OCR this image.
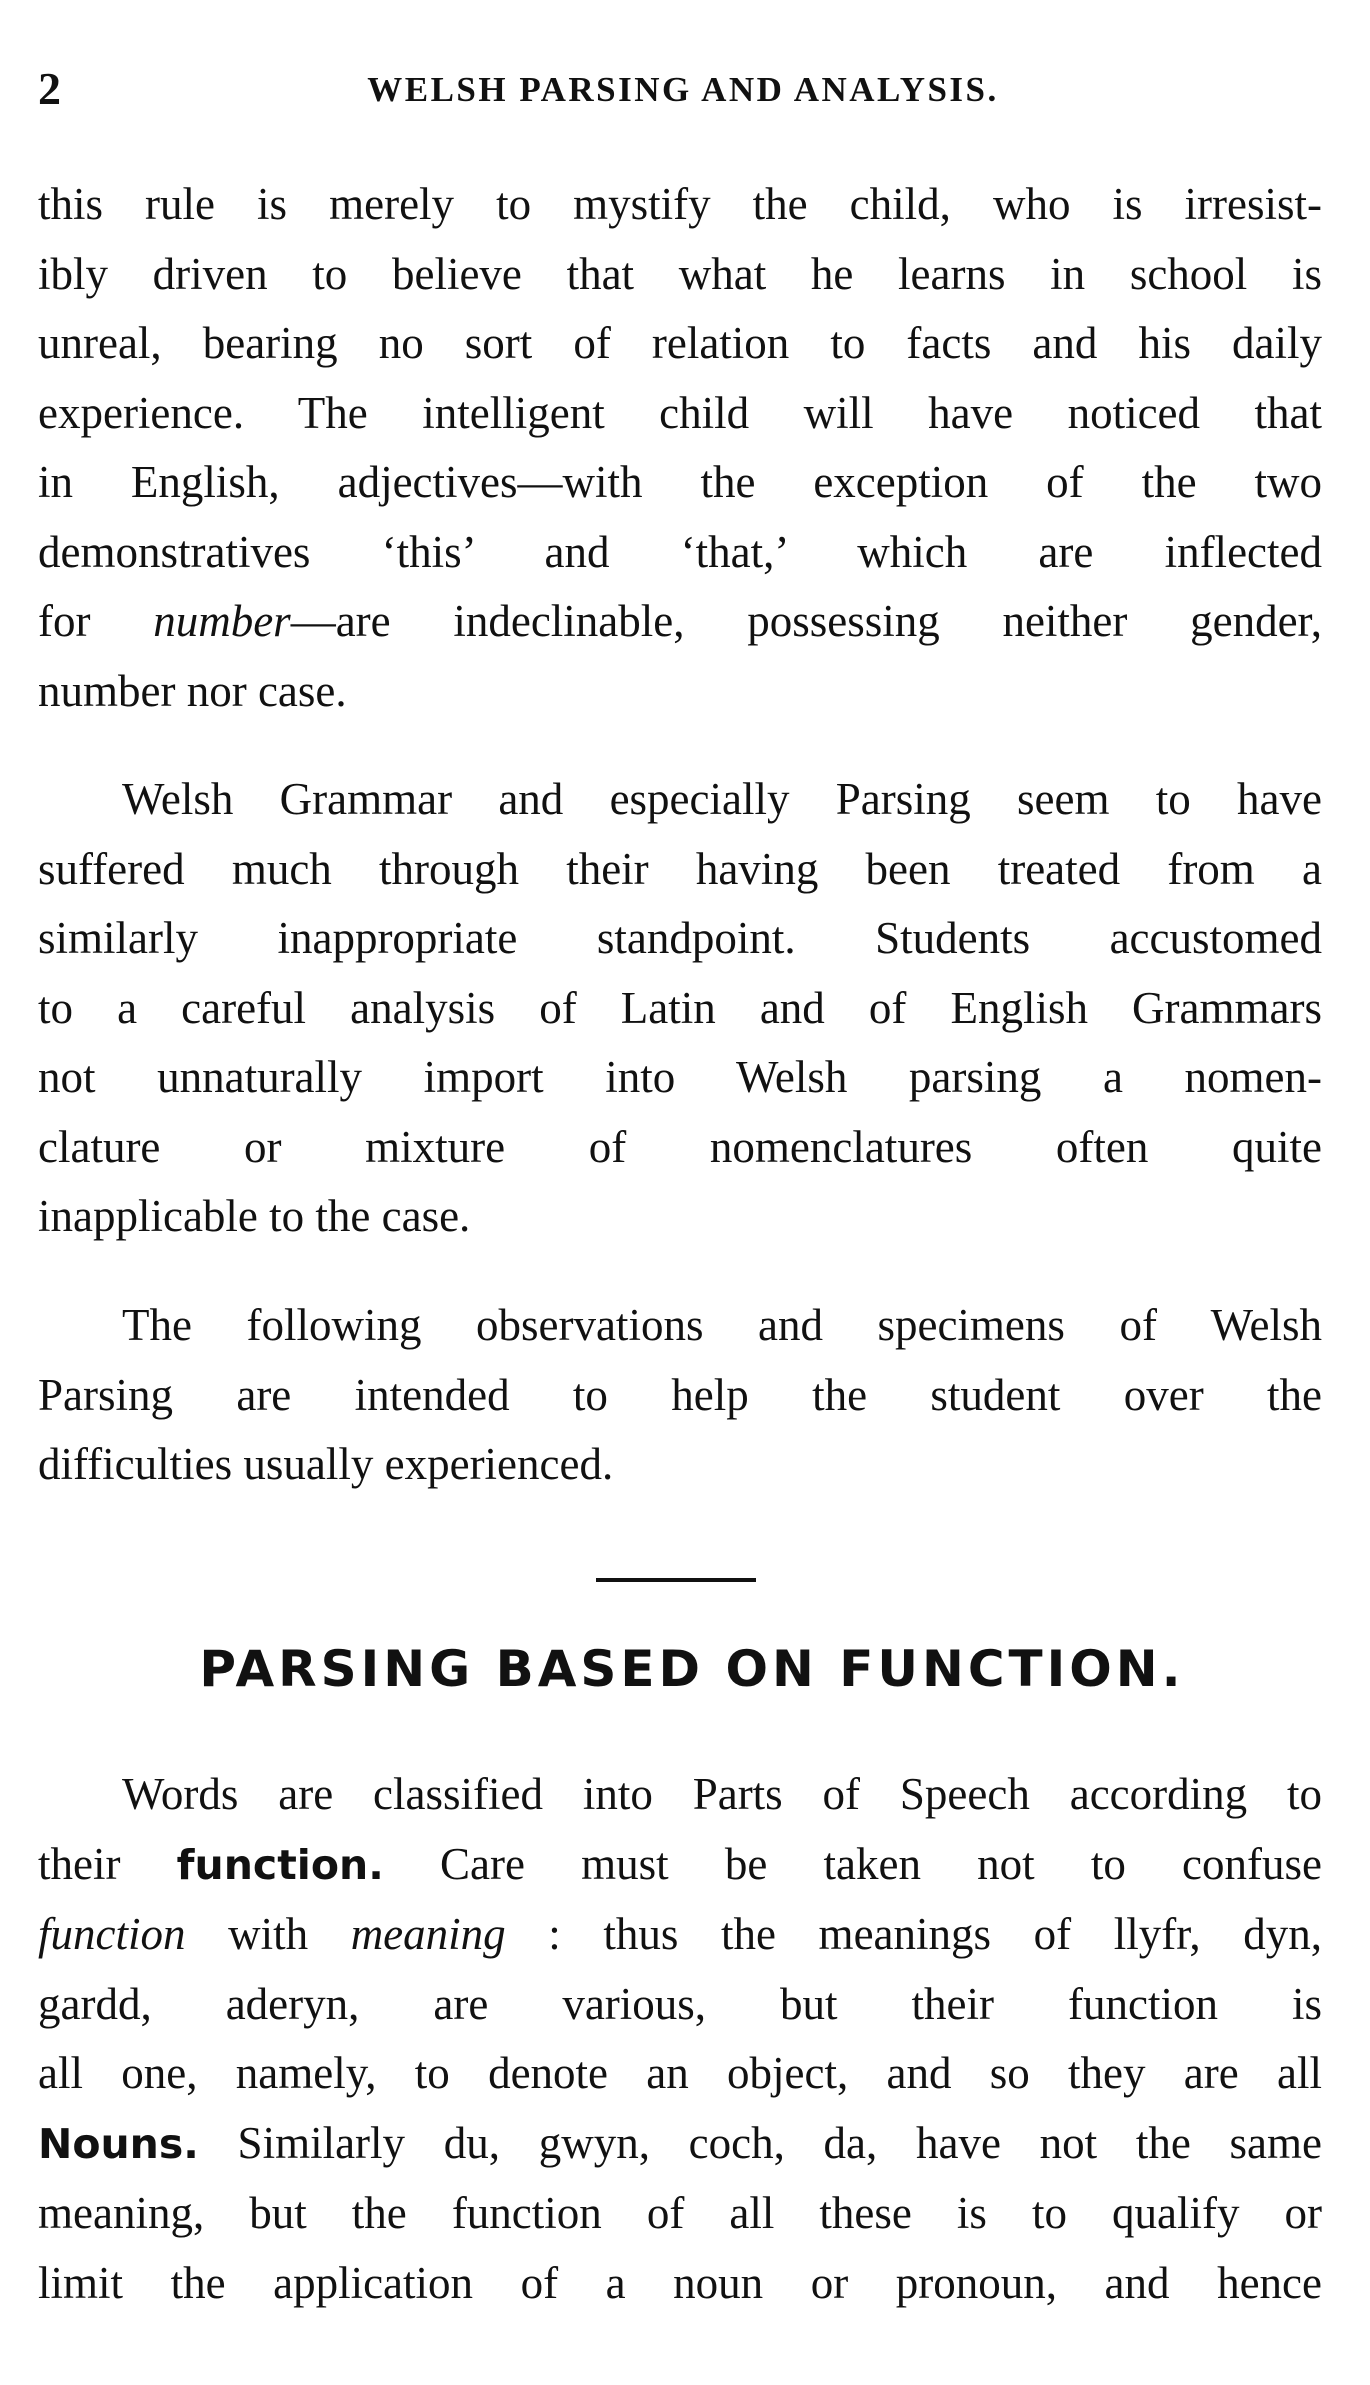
2	WELSH PARSING AND ANALYSIS.

this rule is merely to mystify the child, who is irresist-
ibly driven to believe that what he learns in school is
unreal, bearing no sort of relation to facts and his daily
experience. The intelligent child will have noticed that
in English, adjectives—with the exception of the two
demonstratives ‘this’ and ‘that,’ which are inflected
for number—are indeclinable, possessing neither gender,
number nor case.

Welsh Grammar and especially Parsing seem to have
suffered much through their having been treated from a
similarly inappropriate standpoint. Students accustomed
to a careful analysis of Latin and of English Grammars
not unnaturally import into Welsh parsing a nomen-
clature or mixture of nomenclatures often quite
inapplicable to the case.

The following observations and specimens of Welsh
Parsing are intended to help the student over the
difficulties usually experienced.

PARSING BASED ON FUNCTION.

Words are classified into Parts of Speech according to
their function. Care must be taken not to confuse
function with meaning : thus the meanings of llyfr, dyn,
gardd, aderyn, are various, but their function is
all one, namely, to denote an object, and so they are all
Nouns. Similarly du, gwyn, coch, da, have not the same
meaning, but the function of all these is to qualify or
limit the application of a noun or pronoun, and hence
